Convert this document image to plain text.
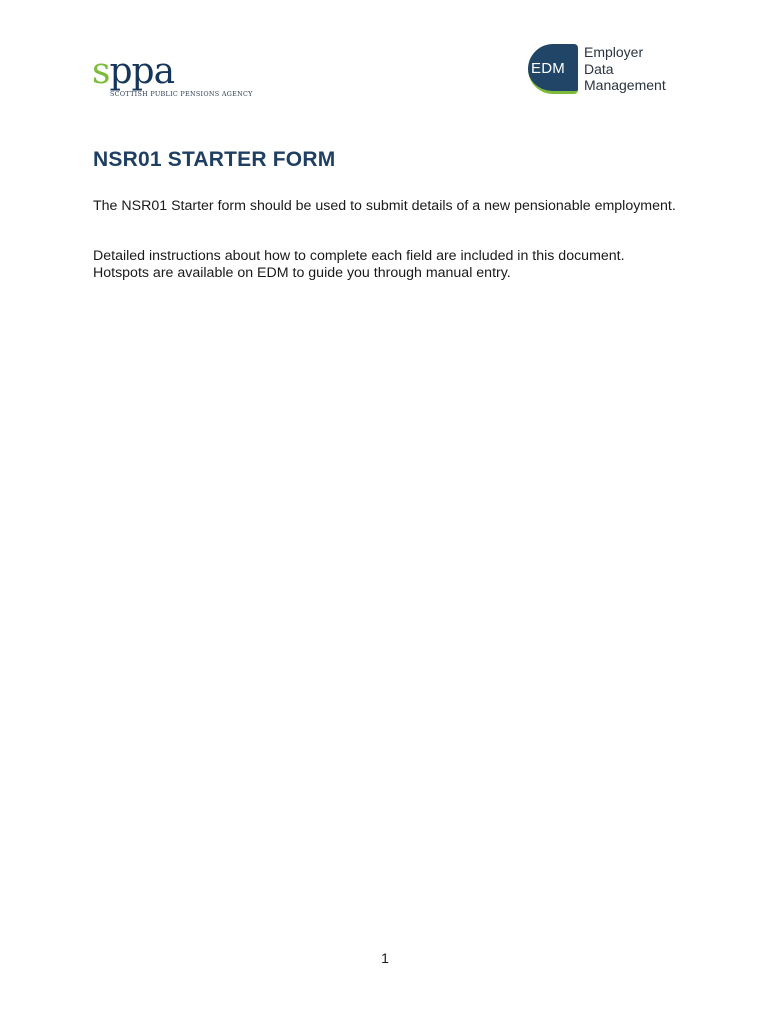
sppa
SCOTTISH PUBLIC PENSIONS AGENCY
EDM
Employer
Data
Management
NSR01 STARTER FORM

The NSR01 Starter form should be used to submit details of a new pensionable employment.

Detailed instructions about how to complete each field are included in this document.
Hotspots are available on EDM to guide you through manual entry.

1
